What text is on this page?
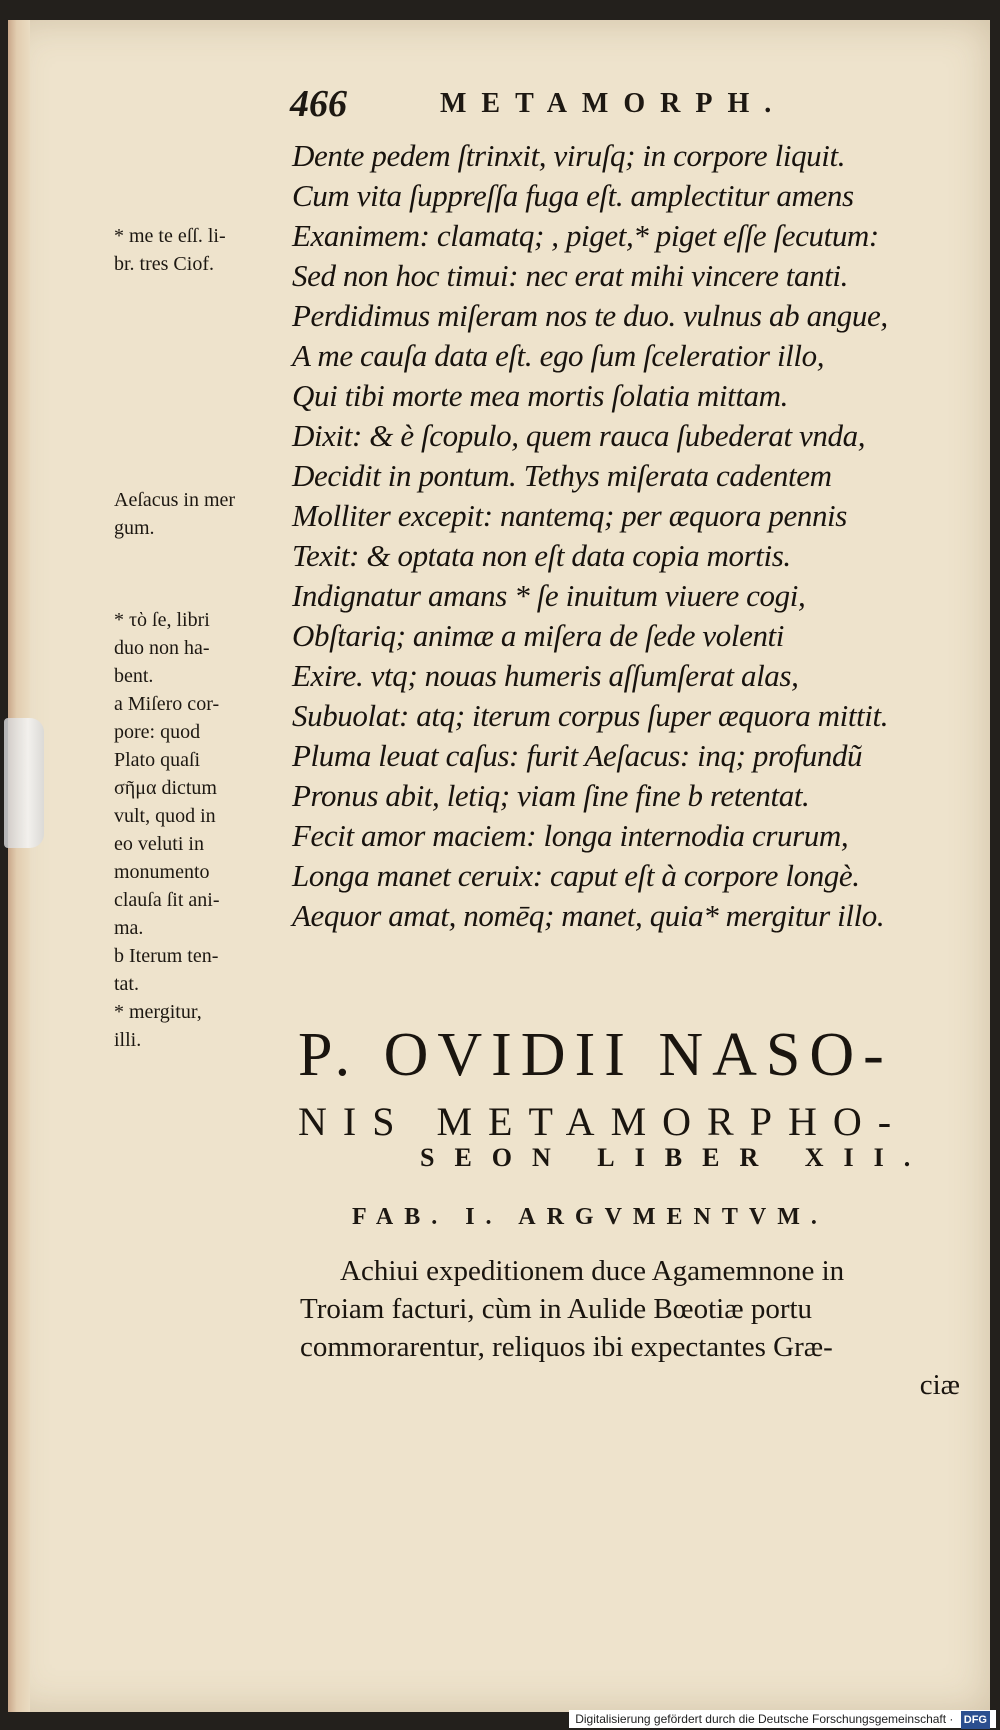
466	METAMORPH.
Dente pedem ſtrinxit, viruſq; in corpore liquit.
Cum vita ſuppreſſa fuga eſt. amplectitur amens
Exanimem: clamatq; , piget,* piget eſſe ſecutum:
Sed non hoc timui: nec erat mihi vincere tanti.
Perdidimus miſeram nos te duo. vulnus ab angue,
A me cauſa data eſt. ego ſum ſceleratior illo,
Qui tibi morte mea mortis ſolatia mittam.
Dixit: & è ſcopulo, quem rauca ſubederat vnda,
Decidit in pontum. Tethys miſerata cadentem
Molliter excepit: nantemq; per æquora pennis
Texit: & optata non eſt data copia mortis.
Indignatur amans * ſe inuitum viuere cogi,
Obſtariq; animæ a miſera de ſede volenti
Exire. vtq; nouas humeris aſſumſerat alas,
Subuolat: atq; iterum corpus ſuper æquora mittit.
Pluma leuat caſus: furit Aeſacus: inq; profundũ
Pronus abit, letiq; viam ſine fine b retentat.
Fecit amor maciem: longa internodia crurum,
Longa manet ceruix: caput eſt à corpore longè.
Aequor amat, nomēq; manet, quia* mergitur illo.
* me te eſſ. li-
br. tres Ciof.
Aeſacus in mer
gum.
* τὸ ſe, libri
duo non ha-
bent.
a Miſero cor-
pore: quod
Plato quaſi
σῆμα dictum
vult, quod in
eo veluti in
monumento
clauſa ſit ani-
ma.
b Iterum ten-
tat.
* mergitur,
illi.	P. OVIDII NASO-
NIS METAMORPHO-
SEON LIBER XII.
FAB. I. ARGVMENTVM.
Achiui expeditionem duce Agamemnone in
Troiam facturi, cùm in Aulide Bœotiæ portu
commorarentur, reliquos ibi expectantes Græ-
ciæ
Digitalisierung gefördert durch die Deutsche Forschungsgemeinschaft · DFG
